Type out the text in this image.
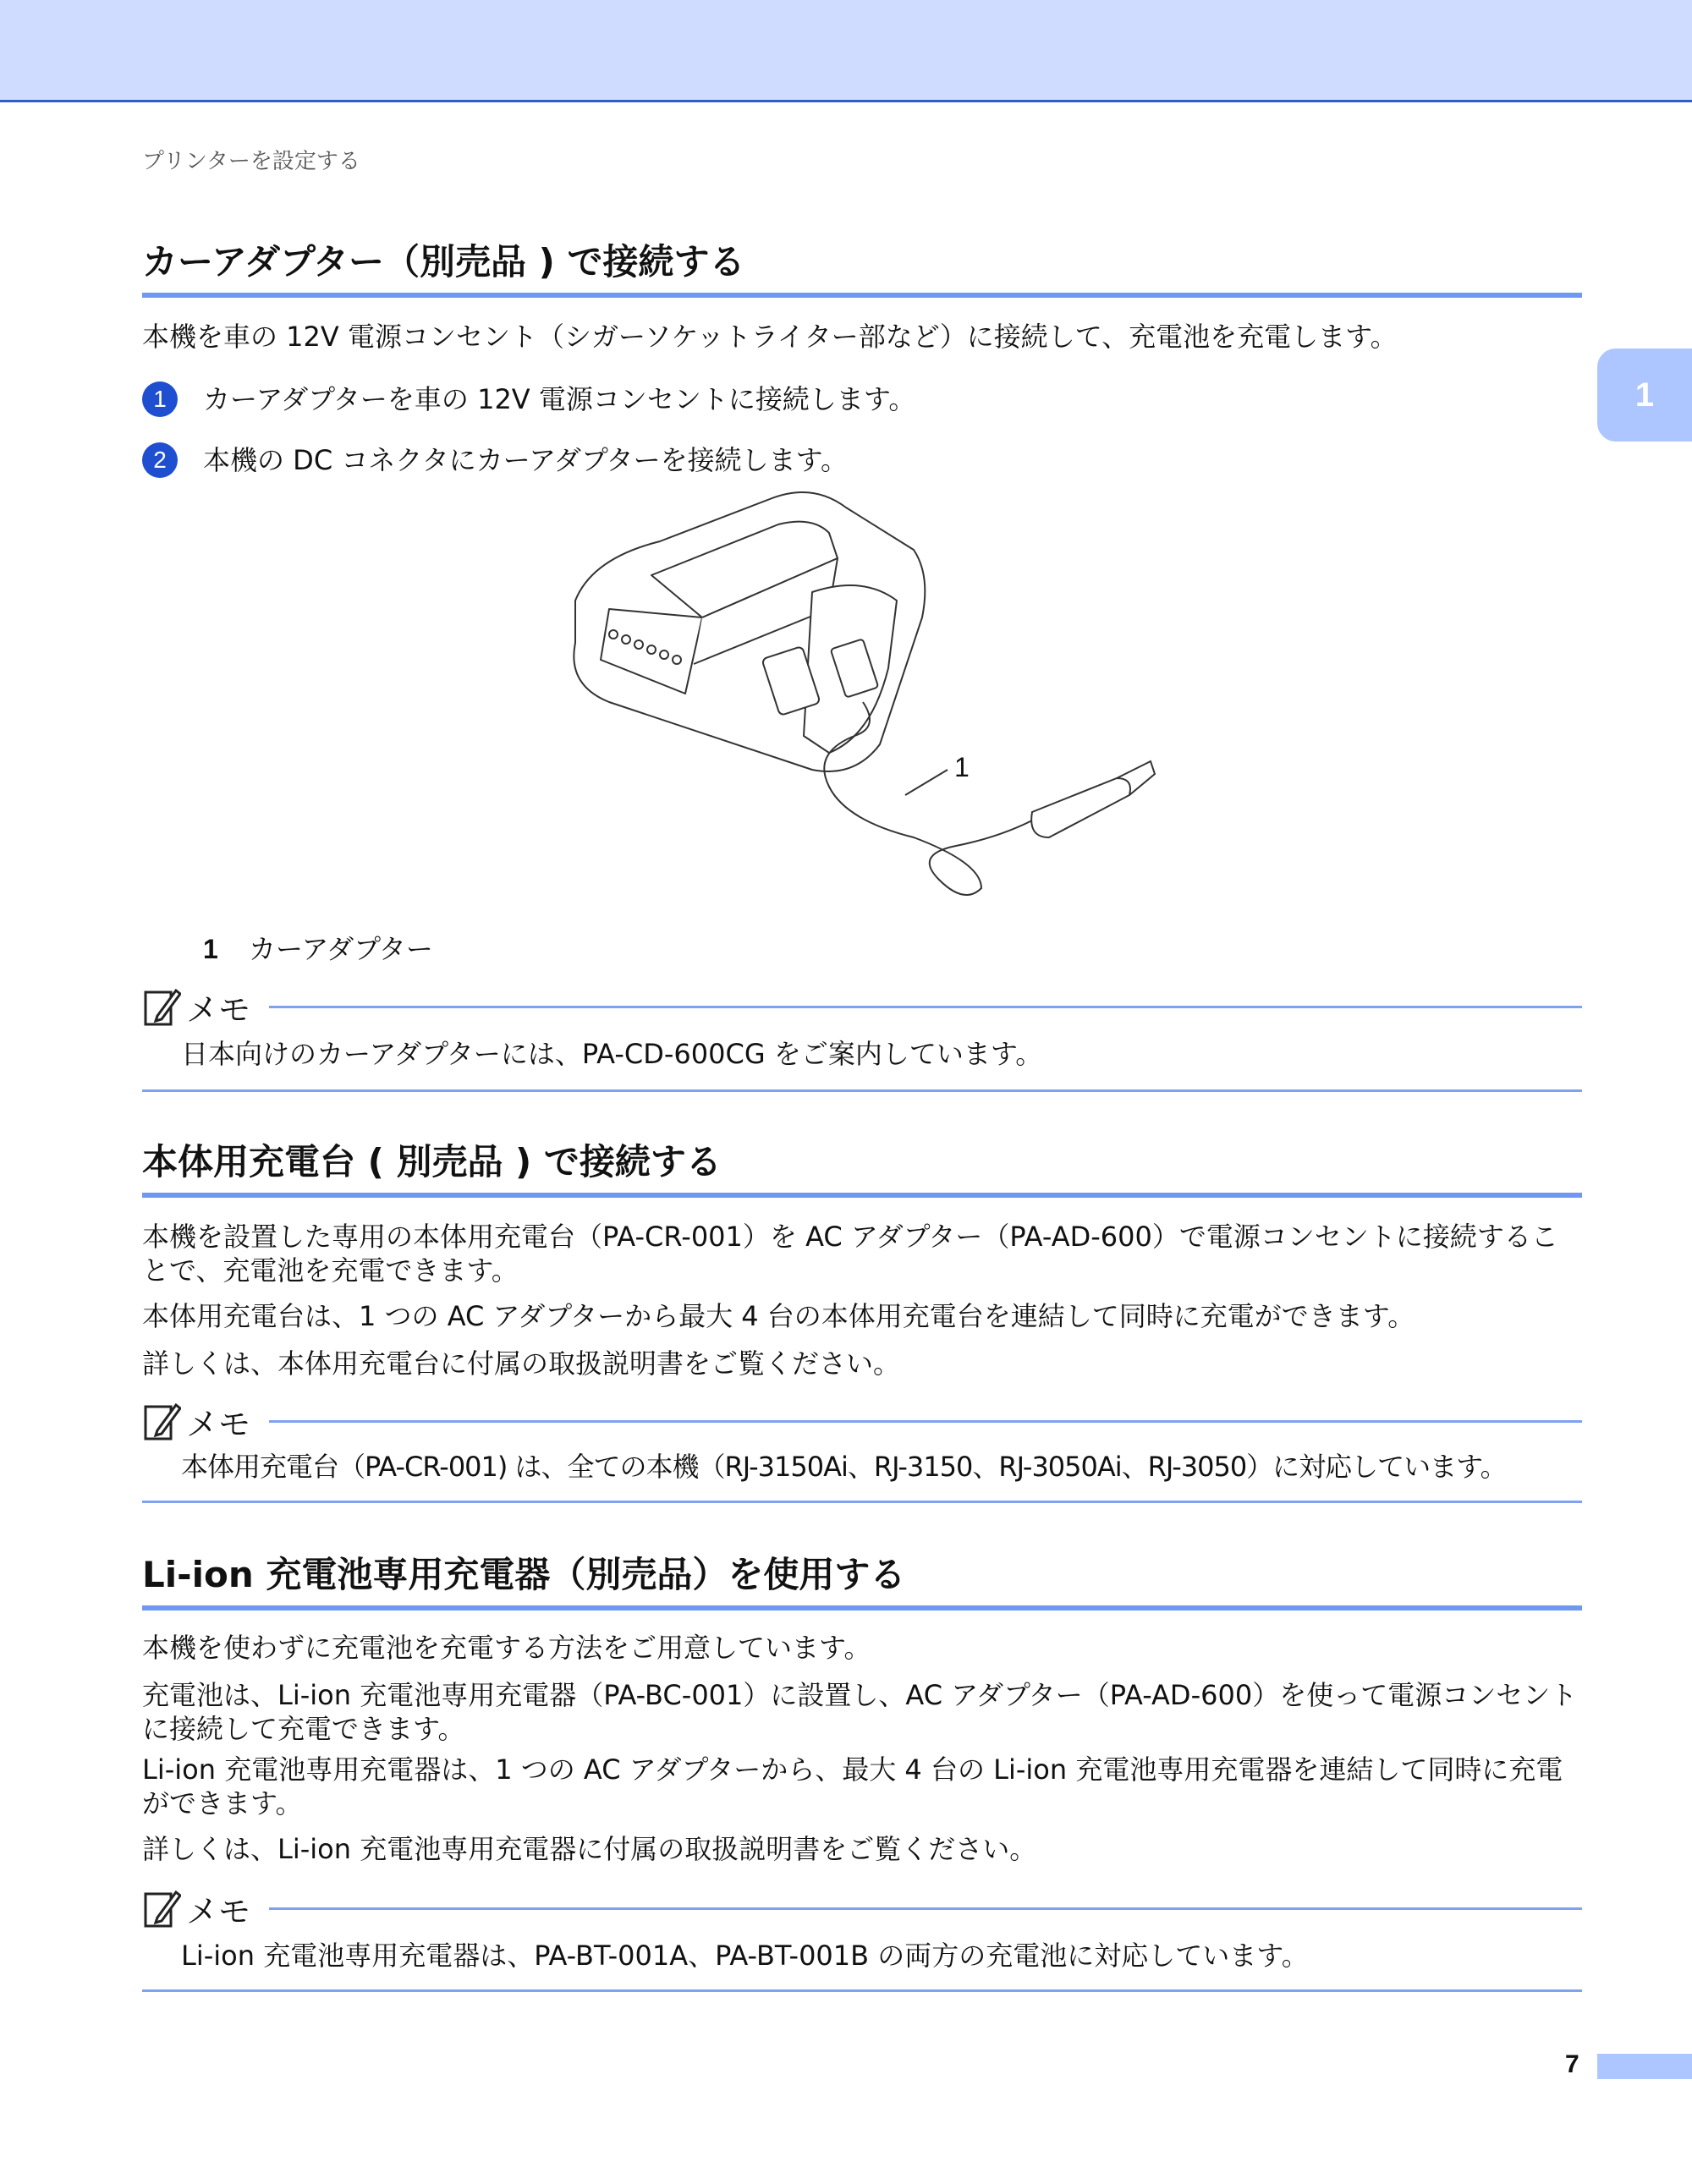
プリンターを設定する
1
カーアダプター（別売品 ) で接続する
本機を車の 12V 電源コンセント（シガーソケットライター部など）に接続して、充電池を充電します。
1	カーアダプターを車の 12V 電源コンセントに接続します。
2	本機の DC コネクタにカーアダプターを接続します。
1
1 カーアダプター
メモ
日本向けのカーアダプターには、PA-CD-600CG をご案内しています。
本体用充電台 ( 別売品 ) で接続する
本機を設置した専用の本体用充電台（PA-CR-001）を AC アダプター（PA-AD-600）で電源コンセントに接続することで、充電池を充電できます。
本体用充電台は、1 つの AC アダプターから最大 4 台の本体用充電台を連結して同時に充電ができます。
詳しくは、本体用充電台に付属の取扱説明書をご覧ください。
メモ
本体用充電台（PA-CR-001) は、全ての本機（RJ-3150Ai、RJ-3150、RJ-3050Ai、RJ-3050）に対応しています。
Li-ion 充電池専用充電器（別売品）を使用する
本機を使わずに充電池を充電する方法をご用意しています。
充電池は、Li-ion 充電池専用充電器（PA-BC-001）に設置し、AC アダプター（PA-AD-600）を使って電源コンセントに接続して充電できます。
Li-ion 充電池専用充電器は、1 つの AC アダプターから、最大 4 台の Li-ion 充電池専用充電器を連結して同時に充電ができます。
詳しくは、Li-ion 充電池専用充電器に付属の取扱説明書をご覧ください。
メモ
Li-ion 充電池専用充電器は、PA-BT-001A、PA-BT-001B の両方の充電池に対応しています。
7
